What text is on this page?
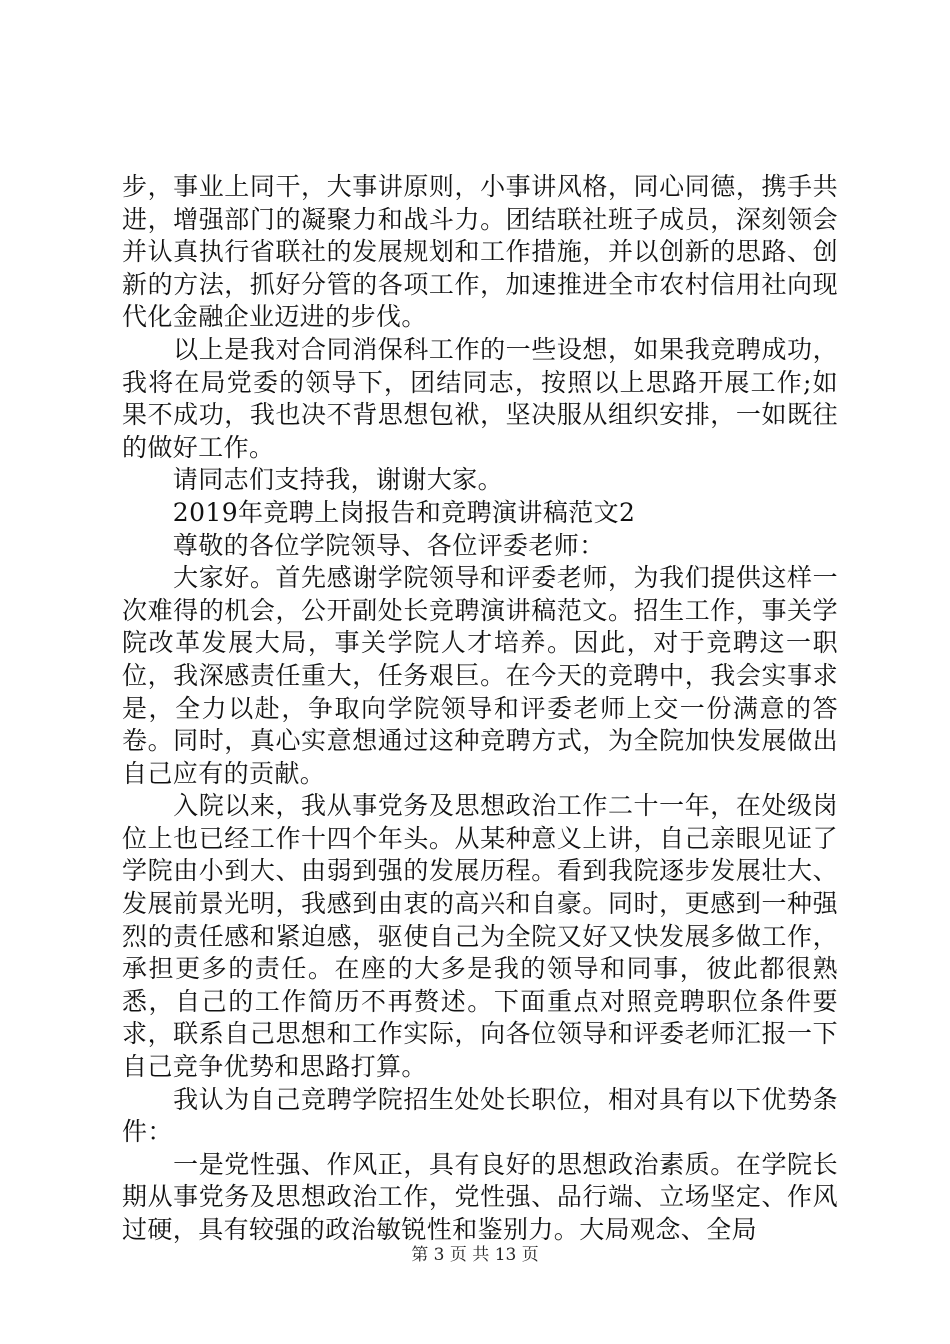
步，事业上同干，大事讲原则，小事讲风格，同心同德，携手共进，增强部门的凝聚力和战斗力。团结联社班子成员，深刻领会并认真执行省联社的发展规划和工作措施，并以创新的思路、创新的方法，抓好分管的各项工作，加速推进全市农村信用社向现代化金融企业迈进的步伐。

　　以上是我对合同消保科工作的一些设想，如果我竞聘成功，我将在局党委的领导下，团结同志，按照以上思路开展工作;如果不成功，我也决不背思想包袱，坚决服从组织安排，一如既往的做好工作。

　　请同志们支持我，谢谢大家。

　　2019年竞聘上岗报告和竞聘演讲稿范文2

　　尊敬的各位学院领导、各位评委老师：

　　大家好。首先感谢学院领导和评委老师，为我们提供这样一次难得的机会，公开副处长竞聘演讲稿范文。招生工作，事关学院改革发展大局，事关学院人才培养。因此，对于竞聘这一职位，我深感责任重大，任务艰巨。在今天的竞聘中，我会实事求是，全力以赴，争取向学院领导和评委老师上交一份满意的答卷。同时，真心实意想通过这种竞聘方式，为全院加快发展做出自己应有的贡献。

　　入院以来，我从事党务及思想政治工作二十一年，在处级岗位上也已经工作十四个年头。从某种意义上讲，自己亲眼见证了学院由小到大、由弱到强的发展历程。看到我院逐步发展壮大、发展前景光明，我感到由衷的高兴和自豪。同时，更感到一种强烈的责任感和紧迫感，驱使自己为全院又好又快发展多做工作，承担更多的责任。在座的大多是我的领导和同事，彼此都很熟悉，自己的工作简历不再赘述。下面重点对照竞聘职位条件要求，联系自己思想和工作实际，向各位领导和评委老师汇报一下自己竞争优势和思路打算。

　　我认为自己竞聘学院招生处处长职位，相对具有以下优势条件：

　　一是党性强、作风正，具有良好的思想政治素质。在学院长期从事党务及思想政治工作，党性强、品行端、立场坚定、作风过硬，具有较强的政治敏锐性和鉴别力。大局观念、全局

第 3 页 共 13 页
